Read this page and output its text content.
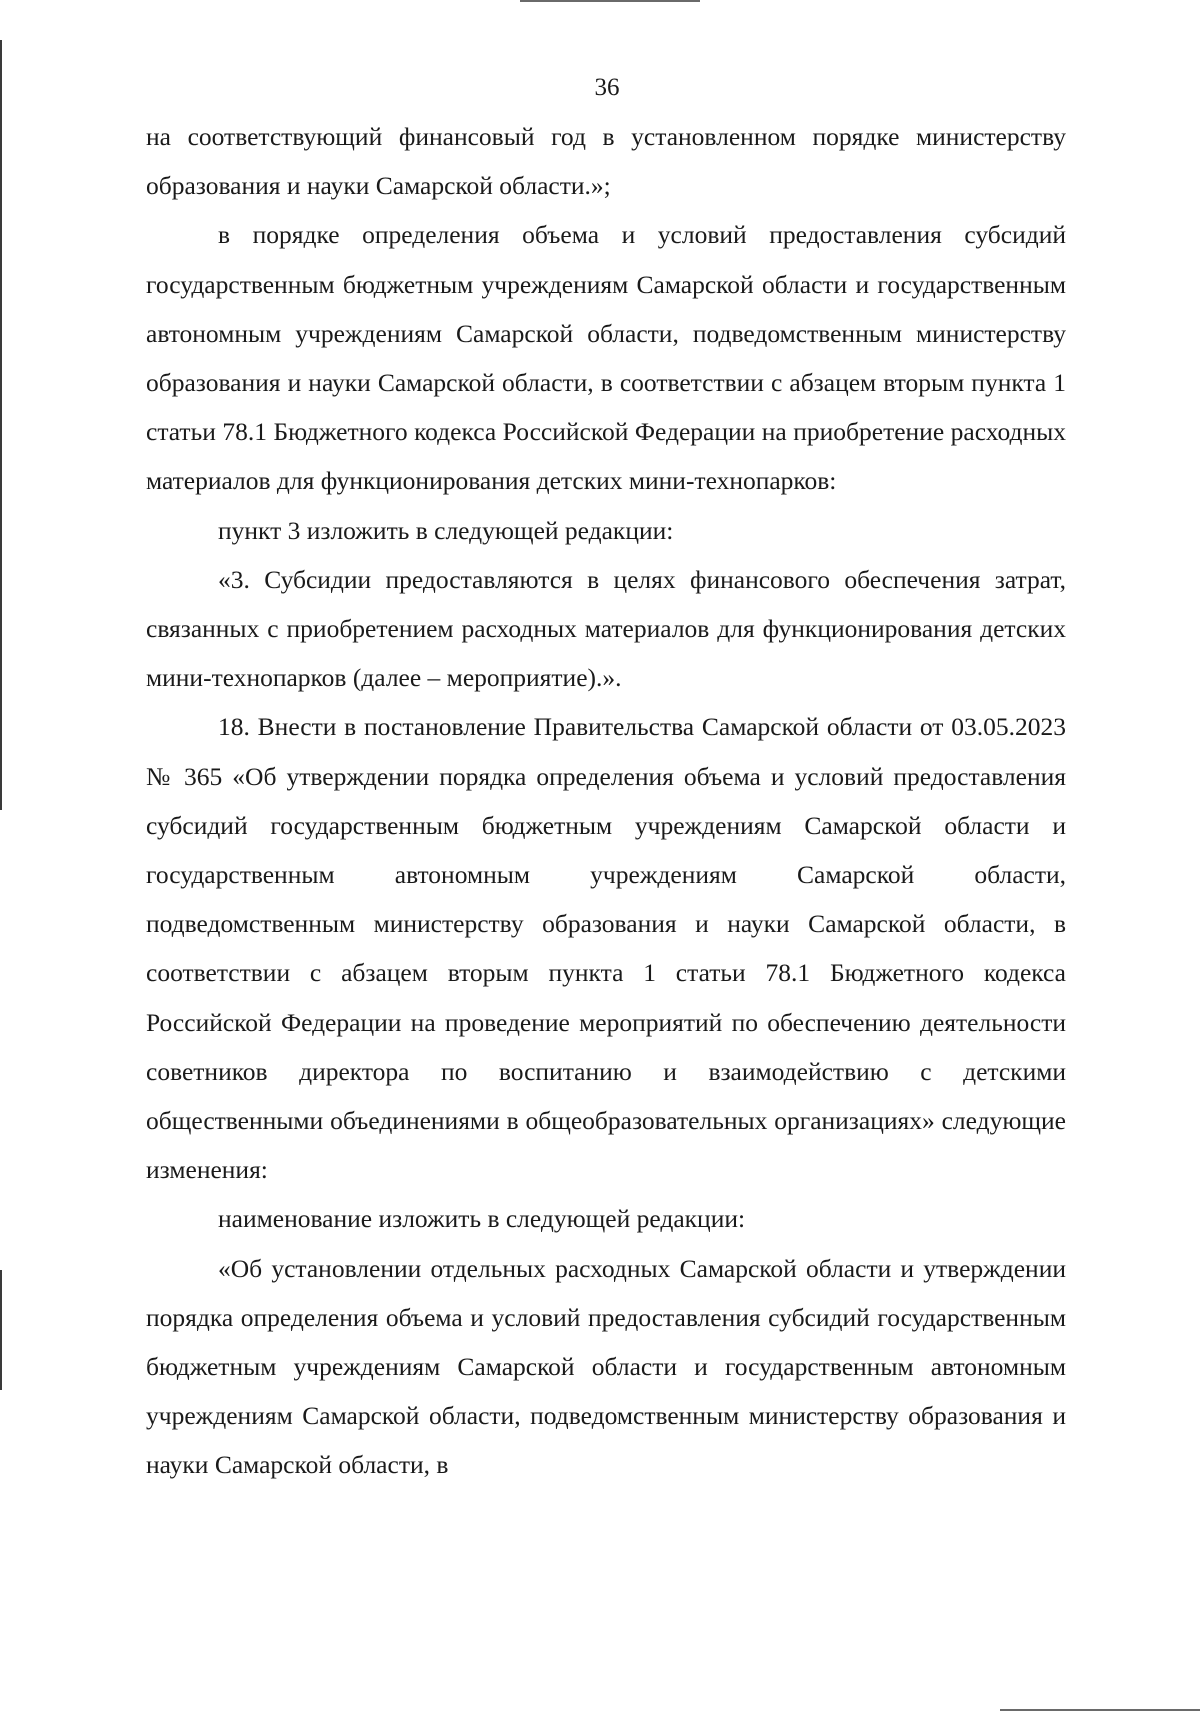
36

на соответствующий финансовый год в установленном порядке министерству образования и науки Самарской области.»;

в порядке определения объема и условий предоставления субсидий государственным бюджетным учреждениям Самарской области и государственным автономным учреждениям Самарской области, подведомственным министерству образования и науки Самарской области, в соответствии с абзацем вторым пункта 1 статьи 78.1 Бюджетного кодекса Российской Федерации на приобретение расходных материалов для функционирования детских мини-технопарков:

пункт 3 изложить в следующей редакции:

«3. Субсидии предоставляются в целях финансового обеспечения затрат, связанных с приобретением расходных материалов для функционирования детских мини-технопарков (далее – мероприятие).».

18. Внести в постановление Правительства Самарской области от 03.05.2023 № 365 «Об утверждении порядка определения объема и условий предоставления субсидий государственным бюджетным учреждениям Самарской области и государственным автономным учреждениям Самарской области, подведомственным министерству образования и науки Самарской области, в соответствии с абзацем вторым пункта 1 статьи 78.1 Бюджетного кодекса Российской Федерации на проведение мероприятий по обеспечению деятельности советников директора по воспитанию и взаимодействию с детскими общественными объединениями в общеобразовательных организациях» следующие изменения:

наименование изложить в следующей редакции:

«Об установлении отдельных расходных Самарской области и утверждении порядка определения объема и условий предоставления субсидий государственным бюджетным учреждениям Самарской области и государственным автономным учреждениям Самарской области, подведомственным министерству образования и науки Самарской области, в
